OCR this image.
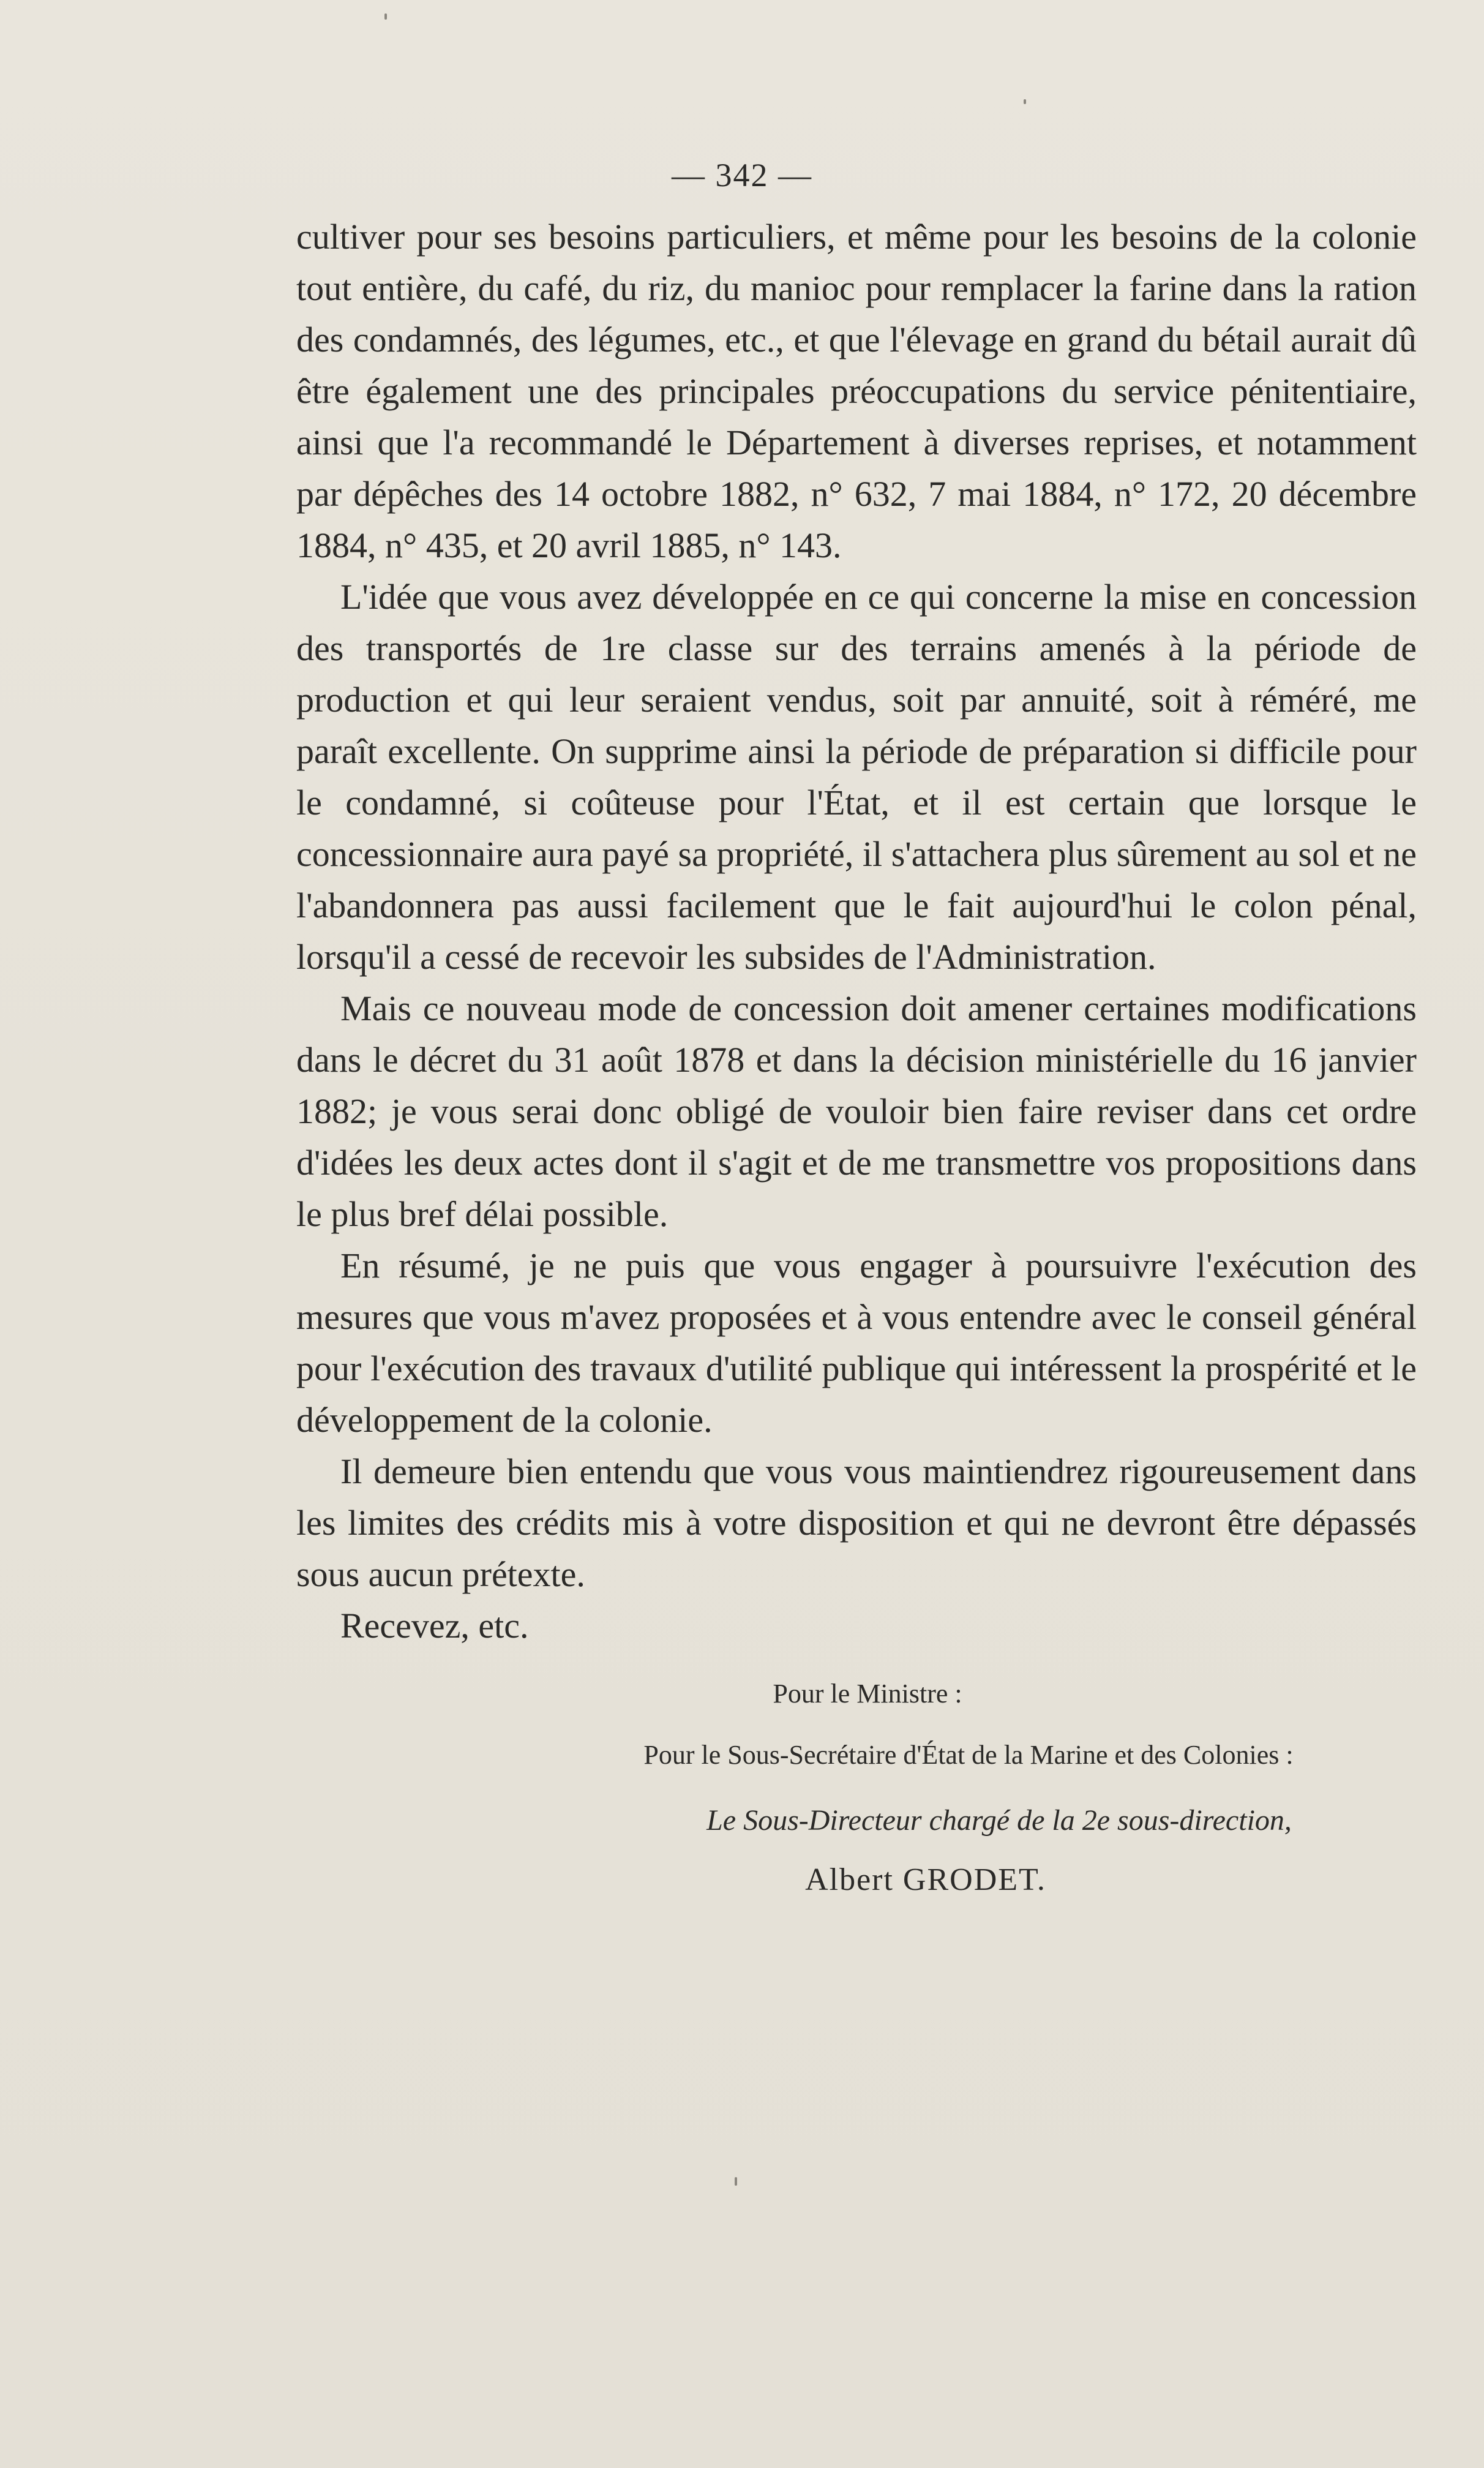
— 342 —

cultiver pour ses besoins particuliers, et même pour les besoins de la colonie tout entière, du café, du riz, du manioc pour remplacer la farine dans la ration des condamnés, des légumes, etc., et que l'élevage en grand du bétail aurait dû être également une des principales préoccupations du service pénitentiaire, ainsi que l'a recommandé le Département à diverses reprises, et notamment par dépêches des 14 octobre 1882, n° 632, 7 mai 1884, n° 172, 20 décembre 1884, n° 435, et 20 avril 1885, n° 143.

L'idée que vous avez développée en ce qui concerne la mise en concession des transportés de 1re classe sur des terrains amenés à la période de production et qui leur seraient vendus, soit par annuité, soit à réméré, me paraît excellente. On supprime ainsi la période de préparation si difficile pour le condamné, si coûteuse pour l'État, et il est certain que lorsque le concessionnaire aura payé sa propriété, il s'attachera plus sûrement au sol et ne l'abandonnera pas aussi facilement que le fait aujourd'hui le colon pénal, lorsqu'il a cessé de recevoir les subsides de l'Administration.

Mais ce nouveau mode de concession doit amener certaines modifications dans le décret du 31 août 1878 et dans la décision ministérielle du 16 janvier 1882; je vous serai donc obligé de vouloir bien faire reviser dans cet ordre d'idées les deux actes dont il s'agit et de me transmettre vos propositions dans le plus bref délai possible.

En résumé, je ne puis que vous engager à poursuivre l'exécution des mesures que vous m'avez proposées et à vous entendre avec le conseil général pour l'exécution des travaux d'utilité publique qui intéressent la prospérité et le développement de la colonie.

Il demeure bien entendu que vous vous maintiendrez rigoureusement dans les limites des crédits mis à votre disposition et qui ne devront être dépassés sous aucun prétexte.

Recevez, etc.

Pour le Ministre :
Pour le Sous-Secrétaire d'État de la Marine et des Colonies :
Le Sous-Directeur chargé de la 2e sous-direction,
Albert GRODET.
